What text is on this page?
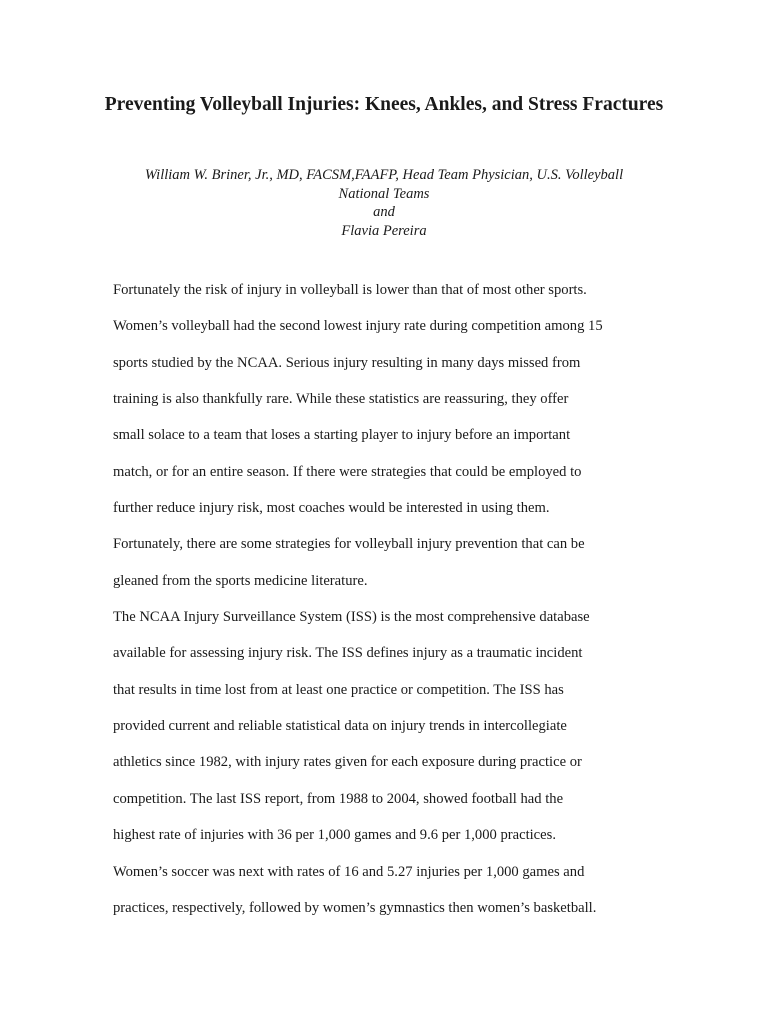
Preventing Volleyball Injuries: Knees, Ankles, and Stress Fractures
William W. Briner, Jr., MD, FACSM,FAAFP, Head Team Physician, U.S. Volleyball
National Teams
and
Flavia Pereira
Fortunately the risk of injury in volleyball is lower than that of most other sports.
Women’s volleyball had the second lowest injury rate during competition among 15
sports studied by the NCAA. Serious injury resulting in many days missed from
training is also thankfully rare. While these statistics are reassuring, they offer
small solace to a team that loses a starting player to injury before an important
match, or for an entire season. If there were strategies that could be employed to
further reduce injury risk, most coaches would be interested in using them.
Fortunately, there are some strategies for volleyball injury prevention that can be
gleaned from the sports medicine literature.
The NCAA Injury Surveillance System (ISS) is the most comprehensive database
available for assessing injury risk. The ISS defines injury as a traumatic incident
that results in time lost from at least one practice or competition. The ISS has
provided current and reliable statistical data on injury trends in intercollegiate
athletics since 1982, with injury rates given for each exposure during practice or
competition. The last ISS report, from 1988 to 2004, showed football had the
highest rate of injuries with 36 per 1,000 games and 9.6 per 1,000 practices.
Women’s soccer was next with rates of 16 and 5.27 injuries per 1,000 games and
practices, respectively, followed by women’s gymnastics then women’s basketball.
